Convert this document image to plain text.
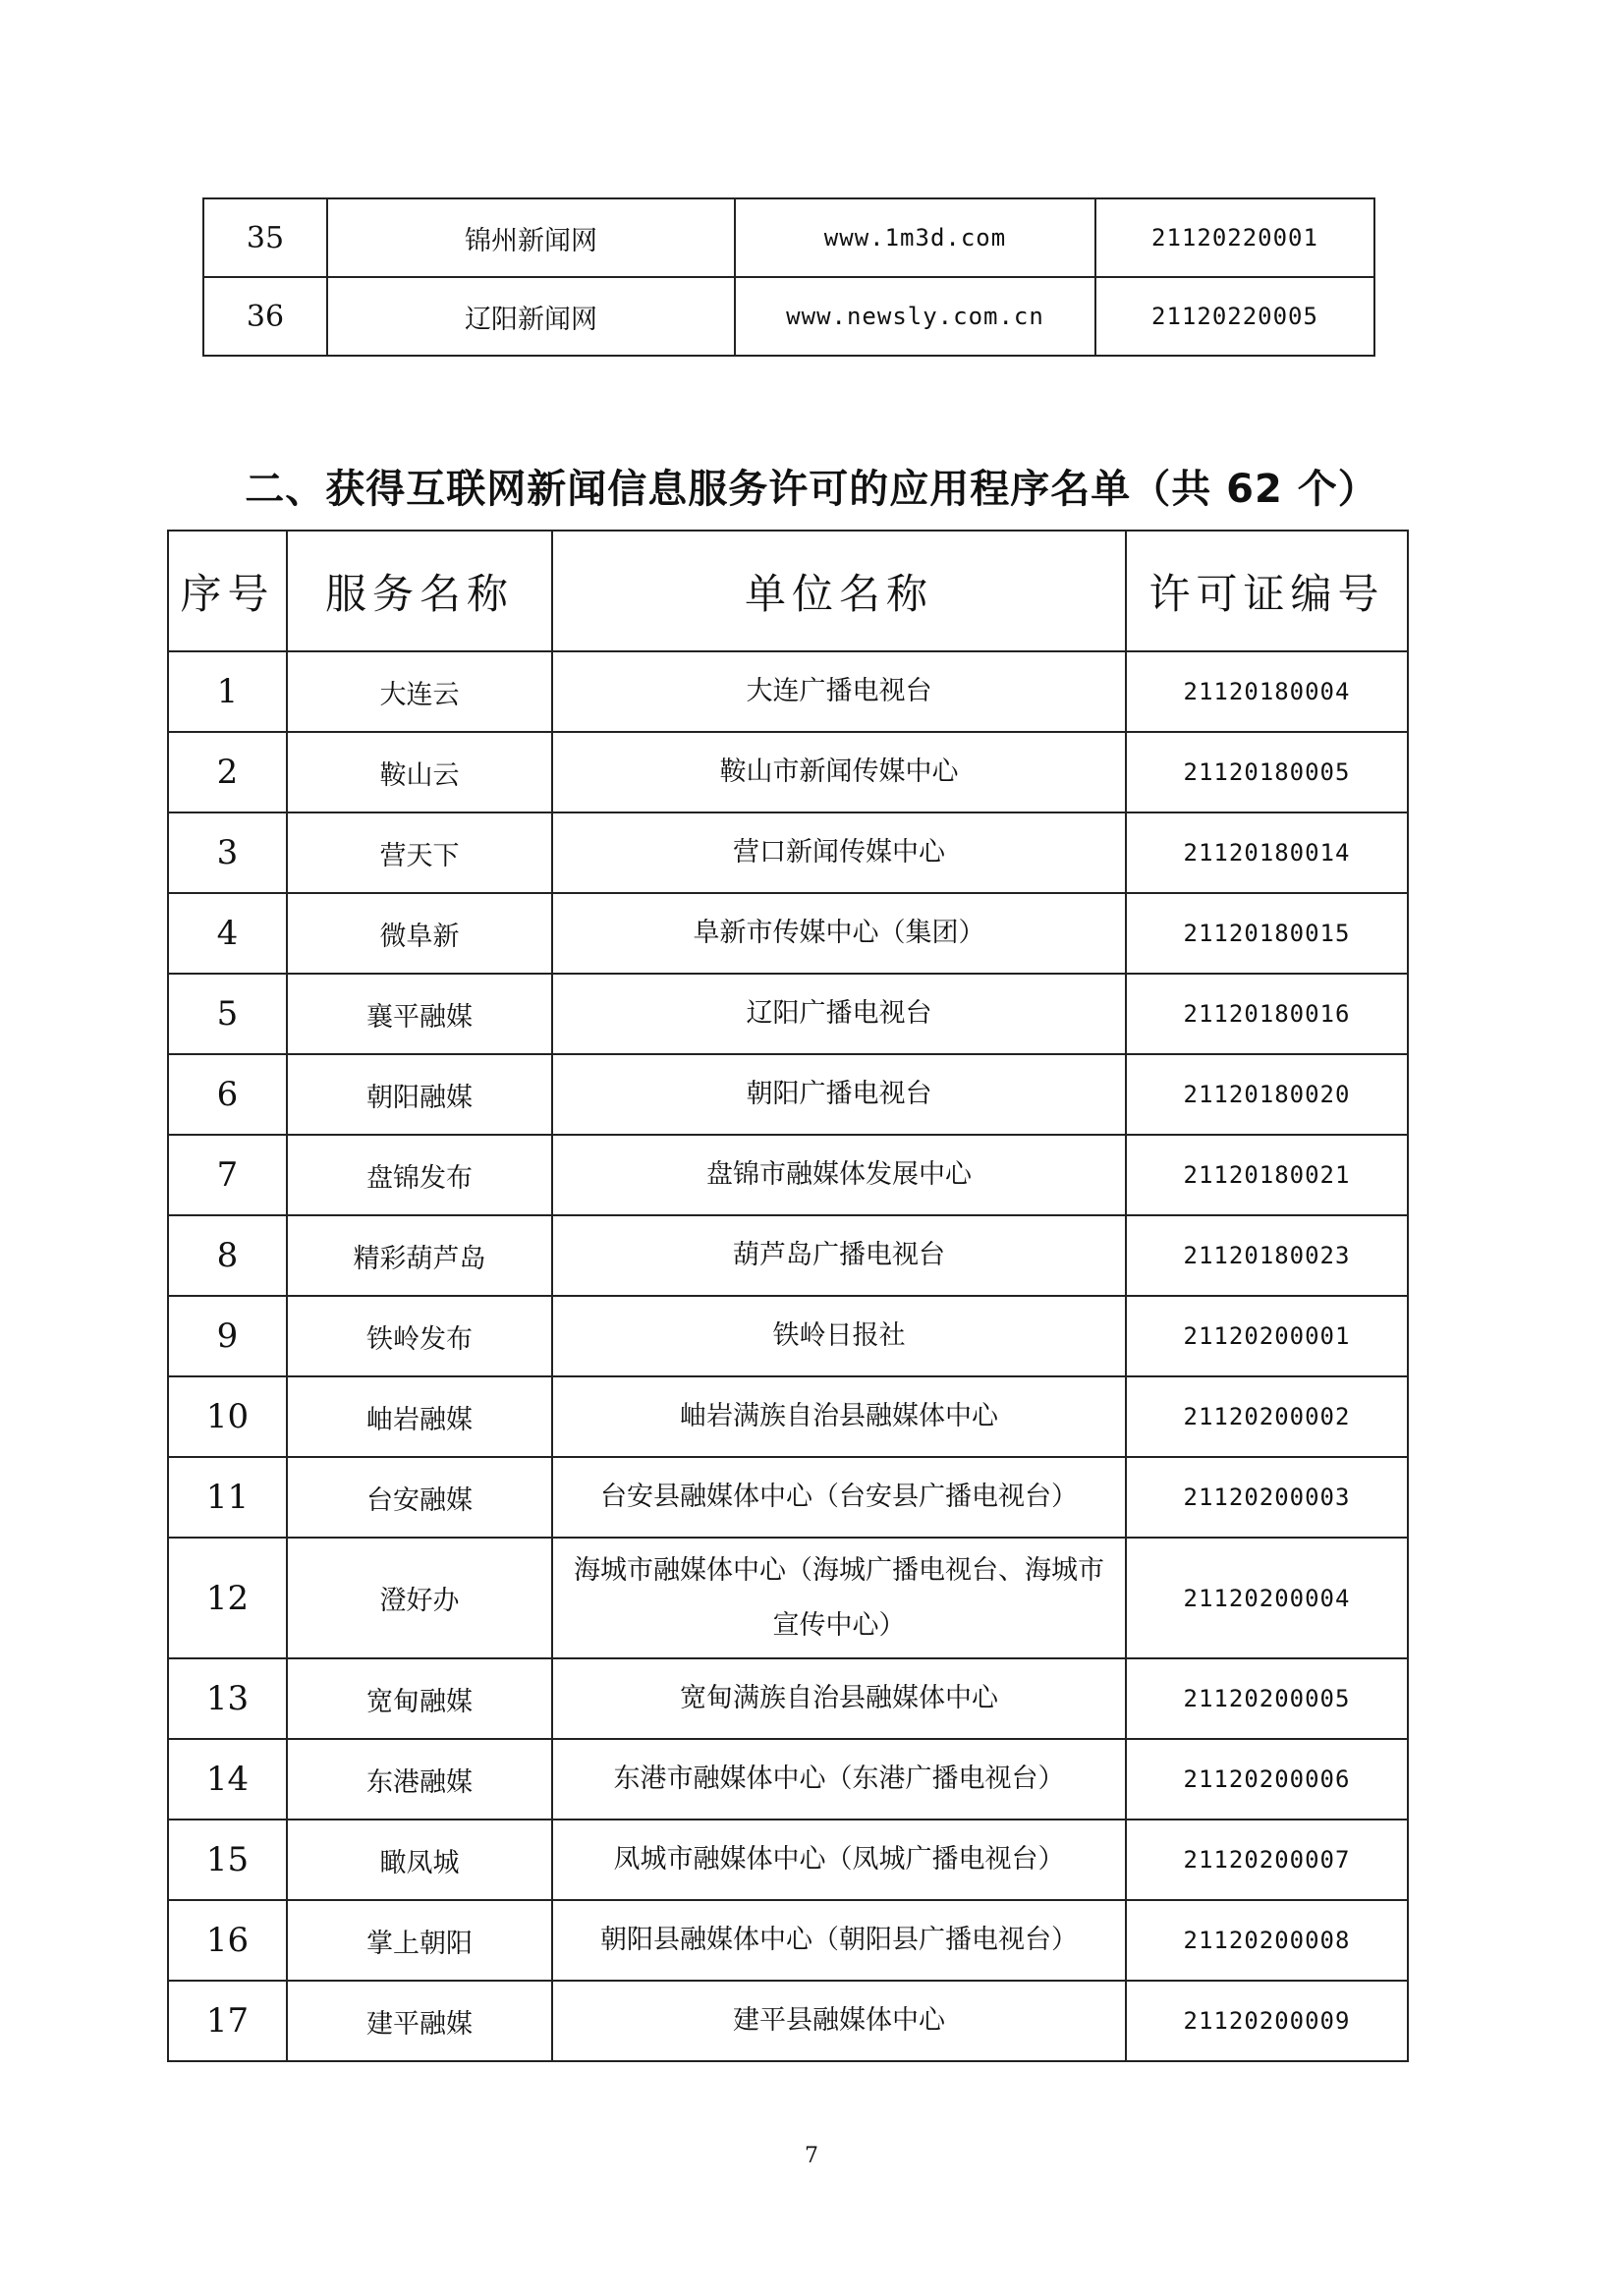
35	锦州新闻网	www.1m3d.com	21120220001
36	辽阳新闻网	www.newsly.com.cn	21120220005
二、获得互联网新闻信息服务许可的应用程序名单（共 62 个）
序号	服务名称	单位名称	许可证编号
1	大连云	大连广播电视台	21120180004
2	鞍山云	鞍山市新闻传媒中心	21120180005
3	营天下	营口新闻传媒中心	21120180014
4	微阜新	阜新市传媒中心（集团）	21120180015
5	襄平融媒	辽阳广播电视台	21120180016
6	朝阳融媒	朝阳广播电视台	21120180020
7	盘锦发布	盘锦市融媒体发展中心	21120180021
8	精彩葫芦岛	葫芦岛广播电视台	21120180023
9	铁岭发布	铁岭日报社	21120200001
10	岫岩融媒	岫岩满族自治县融媒体中心	21120200002
11	台安融媒	台安县融媒体中心（台安县广播电视台）	21120200003
12	澄好办	海城市融媒体中心（海城广播电视台、海城市宣传中心）	21120200004
13	宽甸融媒	宽甸满族自治县融媒体中心	21120200005
14	东港融媒	东港市融媒体中心（东港广播电视台）	21120200006
15	瞰凤城	凤城市融媒体中心（凤城广播电视台）	21120200007
16	掌上朝阳	朝阳县融媒体中心（朝阳县广播电视台）	21120200008
17	建平融媒	建平县融媒体中心	21120200009
7
